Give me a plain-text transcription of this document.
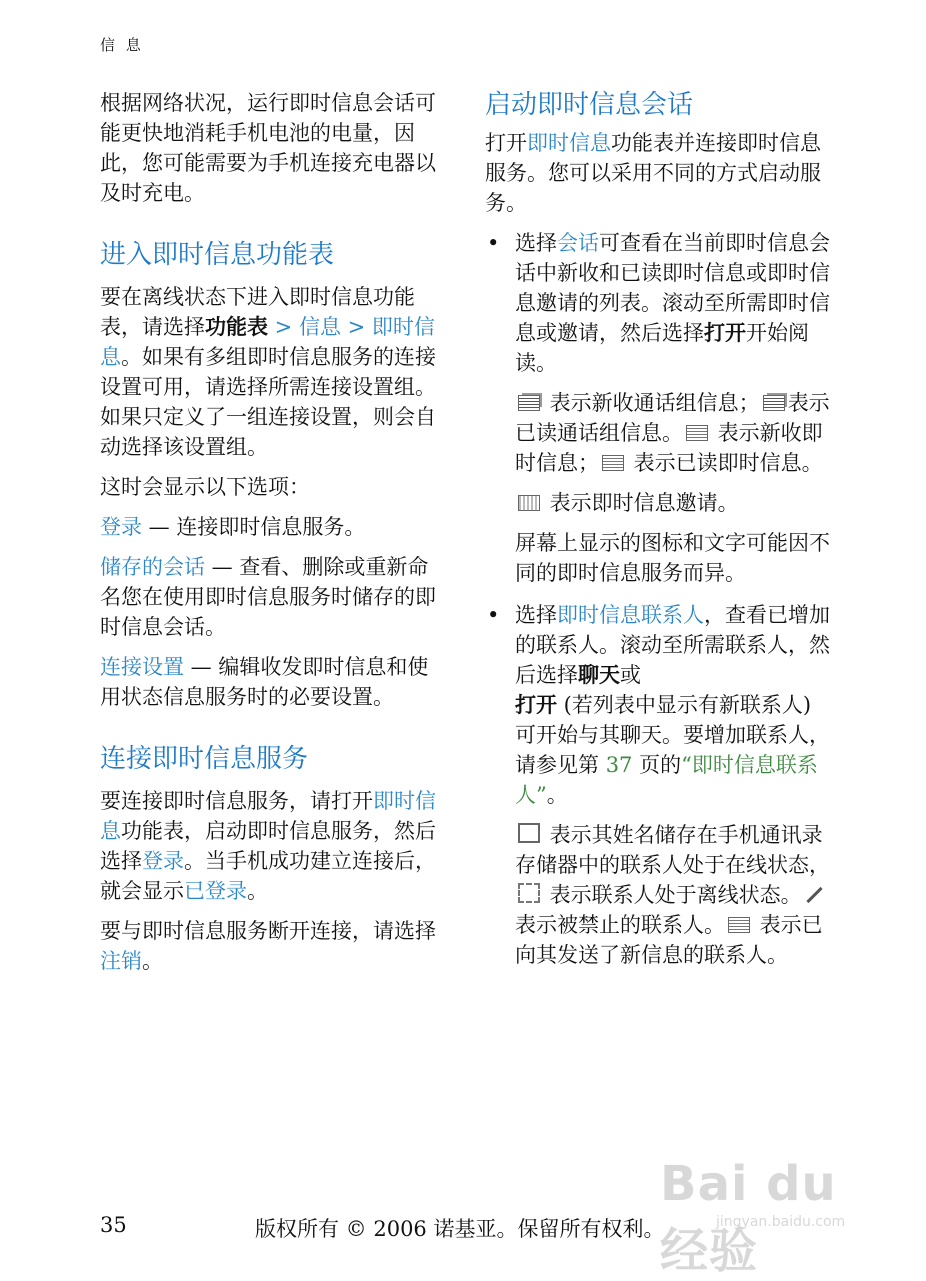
信 息

根据网络状况，运行即时信息会话可能更快地消耗手机电池的电量，因此，您可能需要为手机连接充电器以及时充电。

进入即时信息功能表

要在离线状态下进入即时信息功能表，请选择功能表 > 信息 > 即时信息。如果有多组即时信息服务的连接设置可用，请选择所需连接设置组。如果只定义了一组连接设置，则会自动选择该设置组。

这时会显示以下选项：

登录 — 连接即时信息服务。

储存的会话 — 查看、删除或重新命名您在使用即时信息服务时储存的即时信息会话。

连接设置 — 编辑收发即时信息和使用状态信息服务时的必要设置。

连接即时信息服务

要连接即时信息服务，请打开即时信息功能表，启动即时信息服务，然后选择登录。当手机成功建立连接后，就会显示已登录。

要与即时信息服务断开连接，请选择注销。

启动即时信息会话

打开即时信息功能表并连接即时信息服务。您可以采用不同的方式启动服务。

• 选择会话可查看在当前即时信息会话中新收和已读即时信息或即时信息邀请的列表。滚动至所需即时信息或邀请，然后选择打开开始阅读。

表示新收通话组信息； 表示已读通话组信息。 表示新收即时信息； 表示已读即时信息。

表示即时信息邀请。

屏幕上显示的图标和文字可能因不同的即时信息服务而异。

• 选择即时信息联系人，查看已增加的联系人。滚动至所需联系人，然后选择聊天或
打开 (若列表中显示有新联系人) 可开始与其聊天。要增加联系人，请参见第 37 页的“即时信息联系人”。

表示其姓名储存在手机通讯录存储器中的联系人处于在线状态， 表示联系人处于离线状态。 表示被禁止的联系人。 表示已向其发送了新信息的联系人。

35	版权所有 © 2006 诺基亚。保留所有权利。
Bai du 经验
jingyan.baidu.com
